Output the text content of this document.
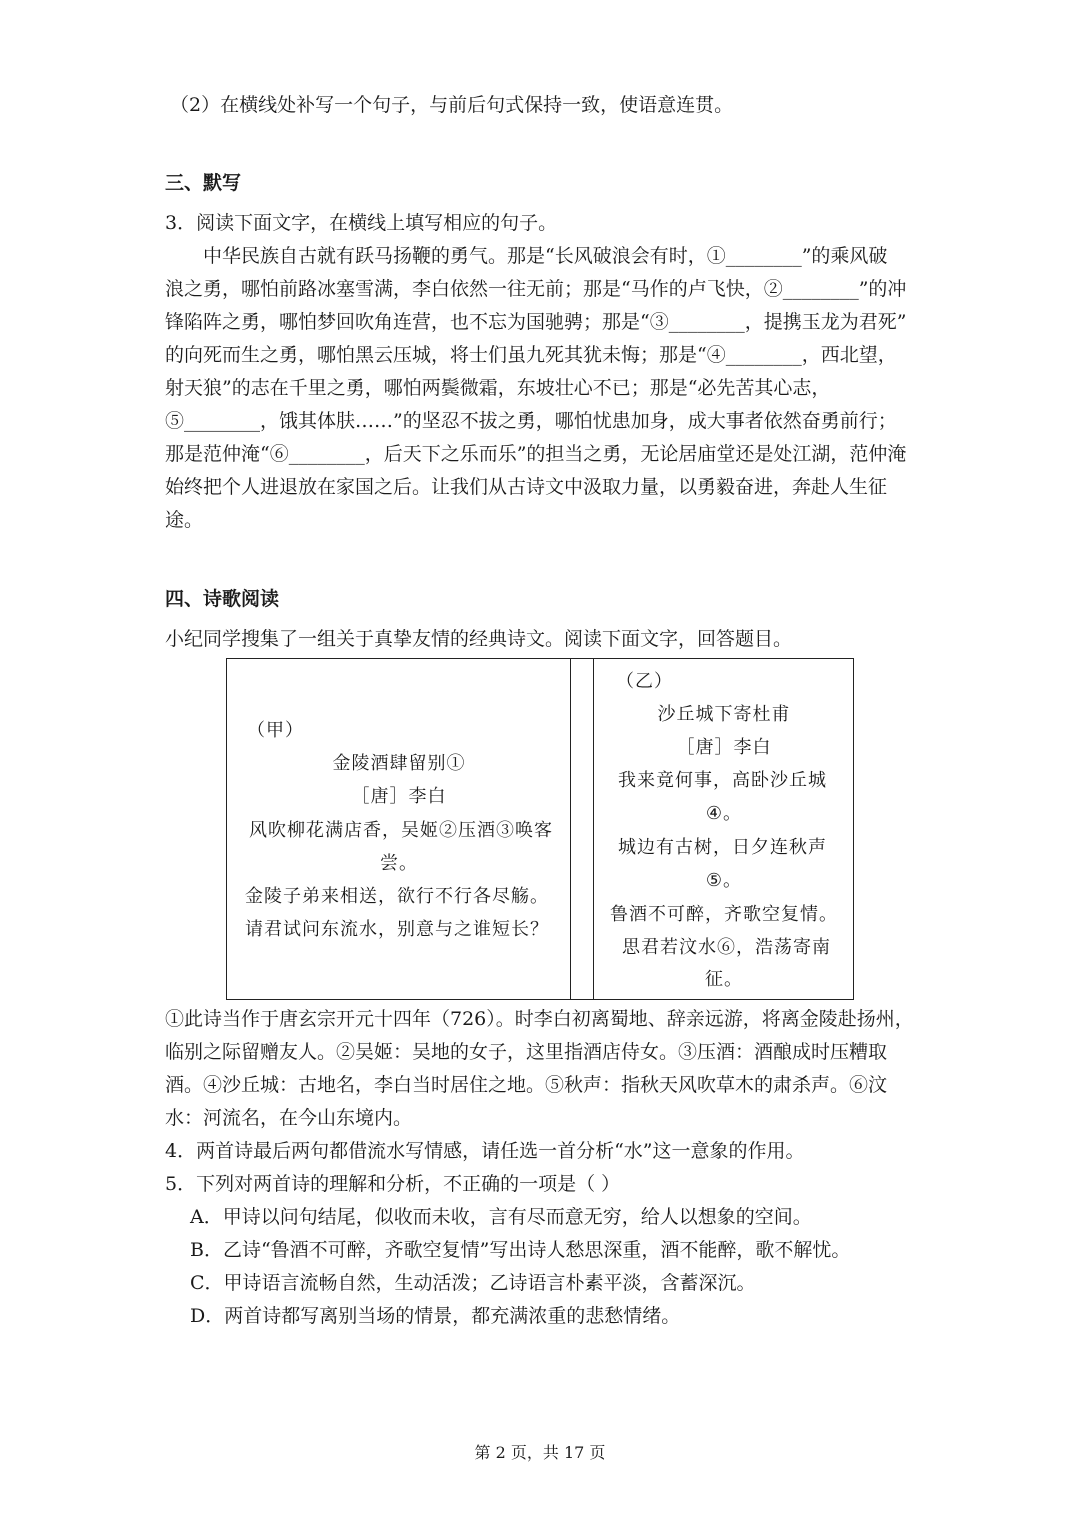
（2）在横线处补写一个句子，与前后句式保持一致，使语意连贯。
三、默写
3．阅读下面文字，在横线上填写相应的句子。
中华民族自古就有跃马扬鞭的勇气。那是“长风破浪会有时，①________”的乘风破
浪之勇，哪怕前路冰塞雪满，李白依然一往无前；那是“马作的卢飞快，②________”的冲
锋陷阵之勇，哪怕梦回吹角连营，也不忘为国驰骋；那是“③________，提携玉龙为君死”
的向死而生之勇，哪怕黑云压城，将士们虽九死其犹未悔；那是“④________，西北望，
射天狼”的志在千里之勇，哪怕两鬓微霜，东坡壮心不已；那是“必先苦其心志，
⑤________，饿其体肤……”的坚忍不拔之勇，哪怕忧患加身，成大事者依然奋勇前行；
那是范仲淹“⑥________，后天下之乐而乐”的担当之勇，无论居庙堂还是处江湖，范仲淹
始终把个人进退放在家国之后。让我们从古诗文中汲取力量，以勇毅奋进，奔赴人生征
途。
四、诗歌阅读
小纪同学搜集了一组关于真挚友情的经典诗文。阅读下面文字，回答题目。
（甲）
金陵酒肆留别①
［唐］李白
风吹柳花满店香，吴姬②压酒③唤客
尝。
金陵子弟来相送，欲行不行各尽觞。
请君试问东流水，别意与之谁短长？
（乙）
沙丘城下寄杜甫
［唐］李白
我来竟何事，高卧沙丘城
④。
城边有古树，日夕连秋声
⑤。
鲁酒不可醉，齐歌空复情。
思君若汶水⑥，浩荡寄南
征。
①此诗当作于唐玄宗开元十四年（726）。时李白初离蜀地、辞亲远游，将离金陵赴扬州，
临别之际留赠友人。②吴姬：吴地的女子，这里指酒店侍女。③压酒：酒酿成时压糟取
酒。④沙丘城：古地名，李白当时居住之地。⑤秋声：指秋天风吹草木的肃杀声。⑥汶
水：河流名，在今山东境内。
4．两首诗最后两句都借流水写情感，请任选一首分析“水”这一意象的作用。
5．下列对两首诗的理解和分析，不正确的一项是（ ）
A．甲诗以问句结尾，似收而未收，言有尽而意无穷，给人以想象的空间。
B．乙诗“鲁酒不可醉，齐歌空复情”写出诗人愁思深重，酒不能醉，歌不解忧。
C．甲诗语言流畅自然，生动活泼；乙诗语言朴素平淡，含蓄深沉。
D．两首诗都写离别当场的情景，都充满浓重的悲愁情绪。
第 2 页，共 17 页
